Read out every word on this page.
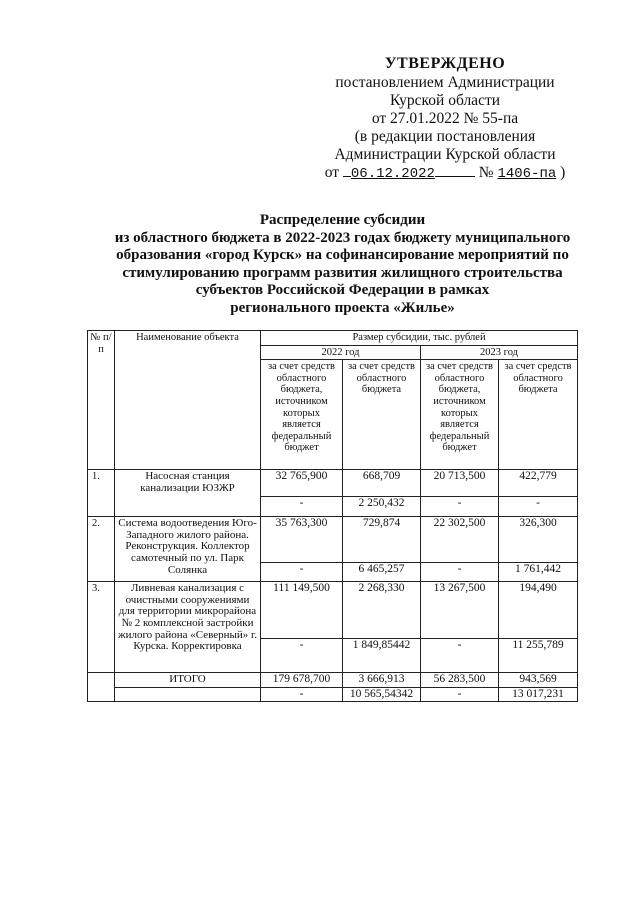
УТВЕРЖДЕНО
постановлением Администрации
Курской области
от 27.01.2022 № 55-па
(в редакции постановления
Администрации Курской области
от 06.12.2022	№ 1406-па )
Распределение субсидии
из областного бюджета в 2022-2023 годах бюджету муниципального
образования «город Курск» на софинансирование мероприятий по
стимулированию программ развития жилищного строительства
субъектов Российской Федерации в рамках
регионального проекта «Жилье»
№ п/п	Наименование объекта	Размер субсидии, тыс. рублей			
		2022 год		2023 год	
		за счет средств областного бюджета, источником которых является федеральный бюджет	за счет средств областного бюджета	за счет средств областного бюджета, источником которых является федеральный бюджет	за счет средств областного бюджета
1.	Насосная станция канализации ЮЗЖР	32 765,900	668,709	20 713,500	422,779
		-	2 250,432	-	-
2.	Система водоотведения Юго-Западного жилого района. Реконструкция. Коллектор самотечный по ул. Парк Солянка	35 763,300	729,874	22 302,500	326,300
		-	6 465,257	-	1 761,442
3.	Ливневая канализация с очистными сооружениями для территории микрорайона № 2 комплексной застройки жилого района «Северный» г. Курска. Корректировка	111 149,500	2 268,330	13 267,500	194,490
		-	1 849,85442	-	11 255,789
	ИТОГО	179 678,700	3 666,913	56 283,500	943,569
		-	10 565,54342	-	13 017,231
